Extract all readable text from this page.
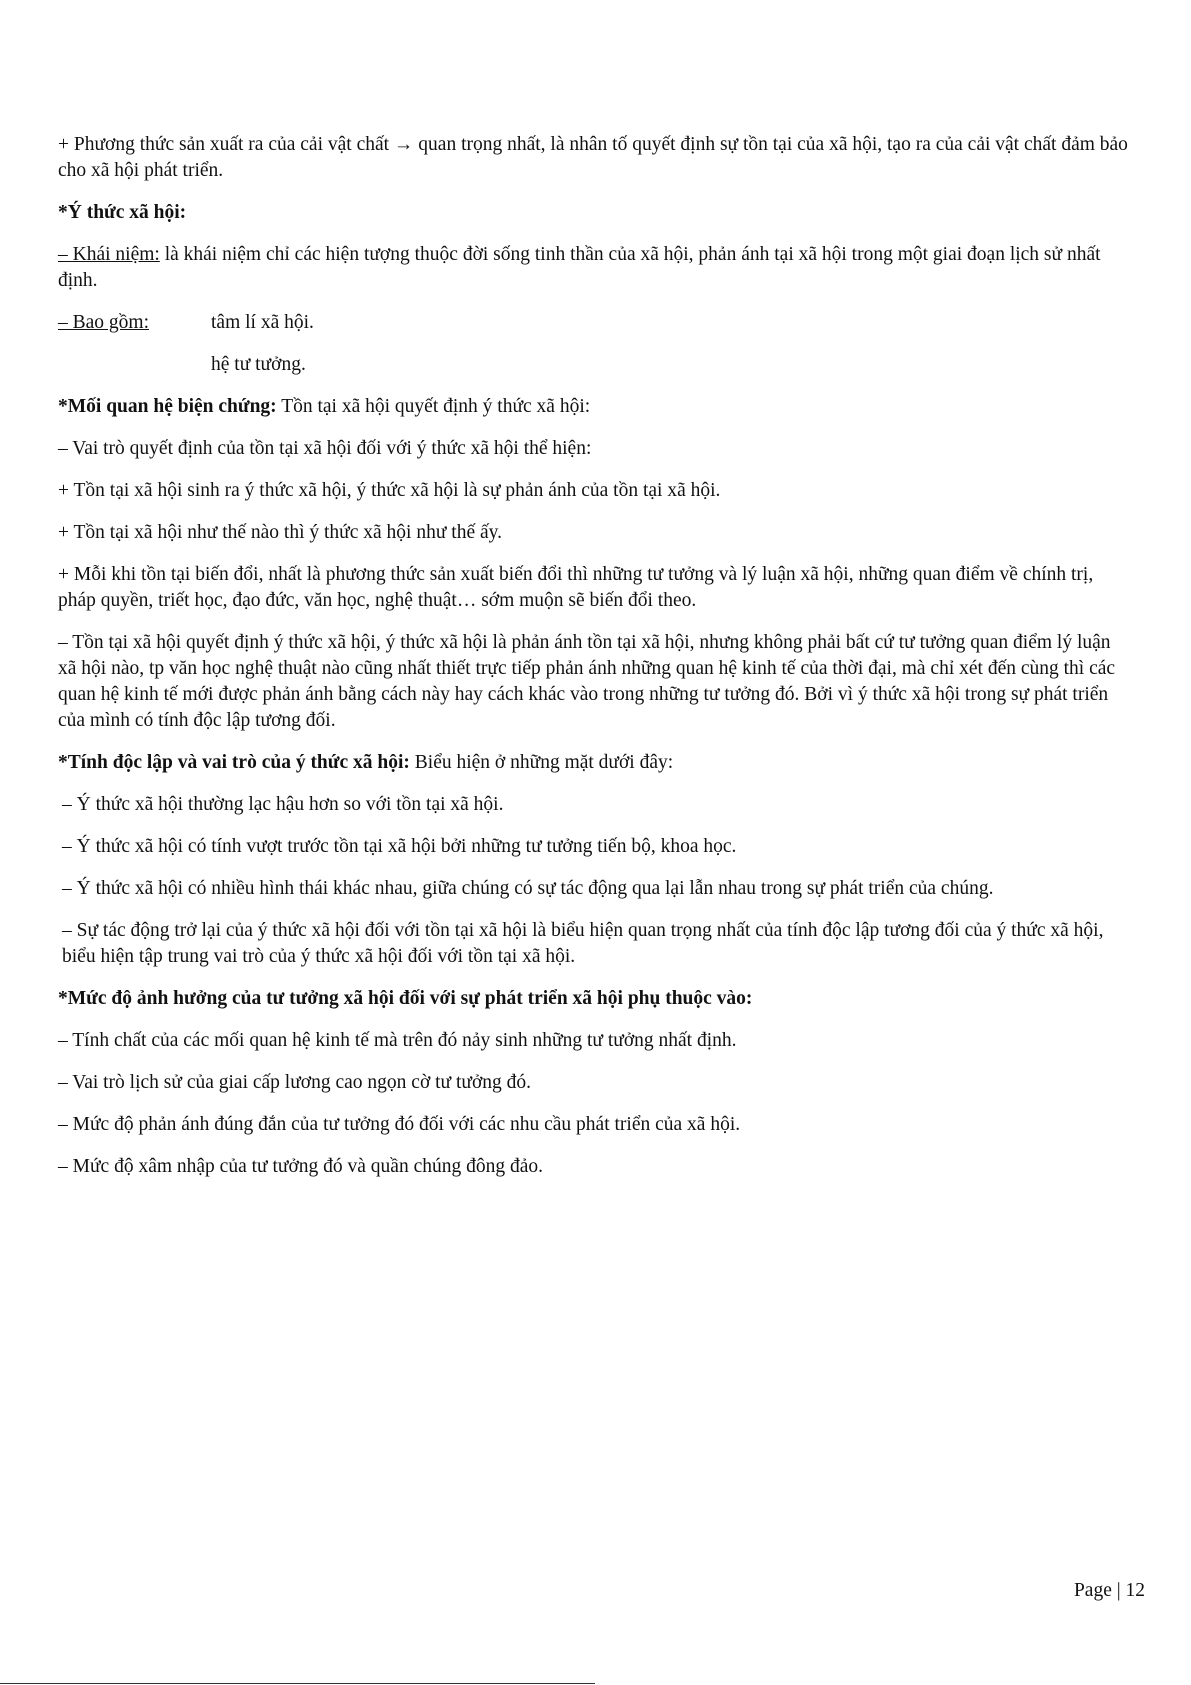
+ Phương thức sản xuất ra của cải vật chất → quan trọng nhất, là nhân tố quyết định sự tồn tại của xã hội, tạo ra của cải vật chất đảm bảo cho xã hội phát triển.

*Ý thức xã hội:

– Khái niệm: là khái niệm chỉ các hiện tượng thuộc đời sống tinh thần của xã hội, phản ánh tại xã hội trong một giai đoạn lịch sử nhất định.

– Bao gồm:	tâm lí xã hội.

hệ tư tưởng.

*Mối quan hệ biện chứng: Tồn tại xã hội quyết định ý thức xã hội:

– Vai trò quyết định của tồn tại xã hội đối với ý thức xã hội thể hiện:

+ Tồn tại xã hội sinh ra ý thức xã hội, ý thức xã hội là sự phản ánh của tồn tại xã hội.

+ Tồn tại xã hội như thế nào thì ý thức xã hội như thế ấy.

+ Mỗi khi tồn tại biến đổi, nhất là phương thức sản xuất biến đổi thì những tư tưởng và lý luận xã hội, những quan điểm về chính trị, pháp quyền, triết học, đạo đức, văn học, nghệ thuật… sớm muộn sẽ biến đổi theo.

– Tồn tại xã hội quyết định ý thức xã hội, ý thức xã hội là phản ánh tồn tại xã hội, nhưng không phải bất cứ tư tưởng quan điểm lý luận xã hội nào, tp văn học nghệ thuật nào cũng nhất thiết trực tiếp phản ánh những quan hệ kinh tế của thời đại, mà chỉ xét đến cùng thì các quan hệ kinh tế mới được phản ánh bằng cách này hay cách khác vào trong những tư tưởng đó. Bởi vì ý thức xã hội trong sự phát triển của mình có tính độc lập tương đối.

*Tính độc lập và vai trò của ý thức xã hội: Biểu hiện ở những mặt dưới đây:

– Ý thức xã hội thường lạc hậu hơn so với tồn tại xã hội.

– Ý thức xã hội có tính vượt trước tồn tại xã hội bởi những tư tưởng tiến bộ, khoa học.

– Ý thức xã hội có nhiều hình thái khác nhau, giữa chúng có sự tác động qua lại lẫn nhau trong sự phát triển của chúng.

– Sự tác động trở lại của ý thức xã hội đối với tồn tại xã hội là biểu hiện quan trọng nhất của tính độc lập tương đối của ý thức xã hội, biểu hiện tập trung vai trò của ý thức xã hội đối với tồn tại xã hội.

*Mức độ ảnh hưởng của tư tưởng xã hội đối với sự phát triển xã hội phụ thuộc vào:

– Tính chất của các mối quan hệ kinh tế mà trên đó nảy sinh những tư tưởng nhất định.

– Vai trò lịch sử của giai cấp lương cao ngọn cờ tư tưởng đó.

– Mức độ phản ánh đúng đắn của tư tưởng đó đối với các nhu cầu phát triển của xã hội.

– Mức độ xâm nhập của tư tưởng đó và quần chúng đông đảo.

Page | 12
